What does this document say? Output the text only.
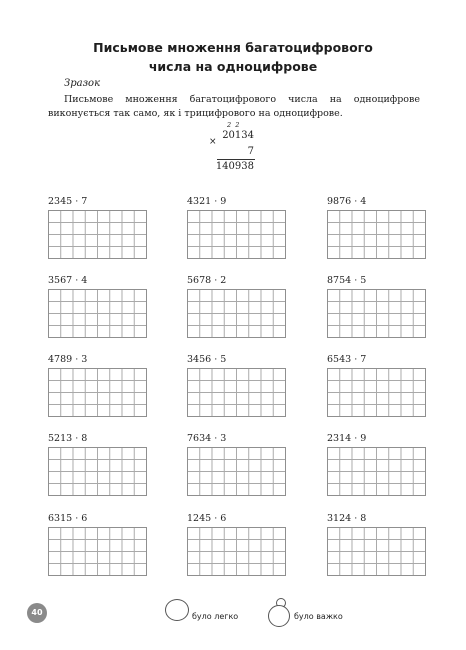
Письмове множення багатоцифрового
числа на одноцифрове
Зразок
Письмове множення багатоцифрового числа на одноцифрове виконується так само, як і трицифрового на одноцифрове.
2 2
×
20134
7
140938
2345 · 7	4321 · 9	9876 · 4
3567 · 4	5678 · 2	8754 · 5
4789 · 3	3456 · 5	6543 · 7
5213 · 8	7634 · 3	2314 · 9
6315 · 6	1245 · 6	3124 · 8
40	було легко	було важко
